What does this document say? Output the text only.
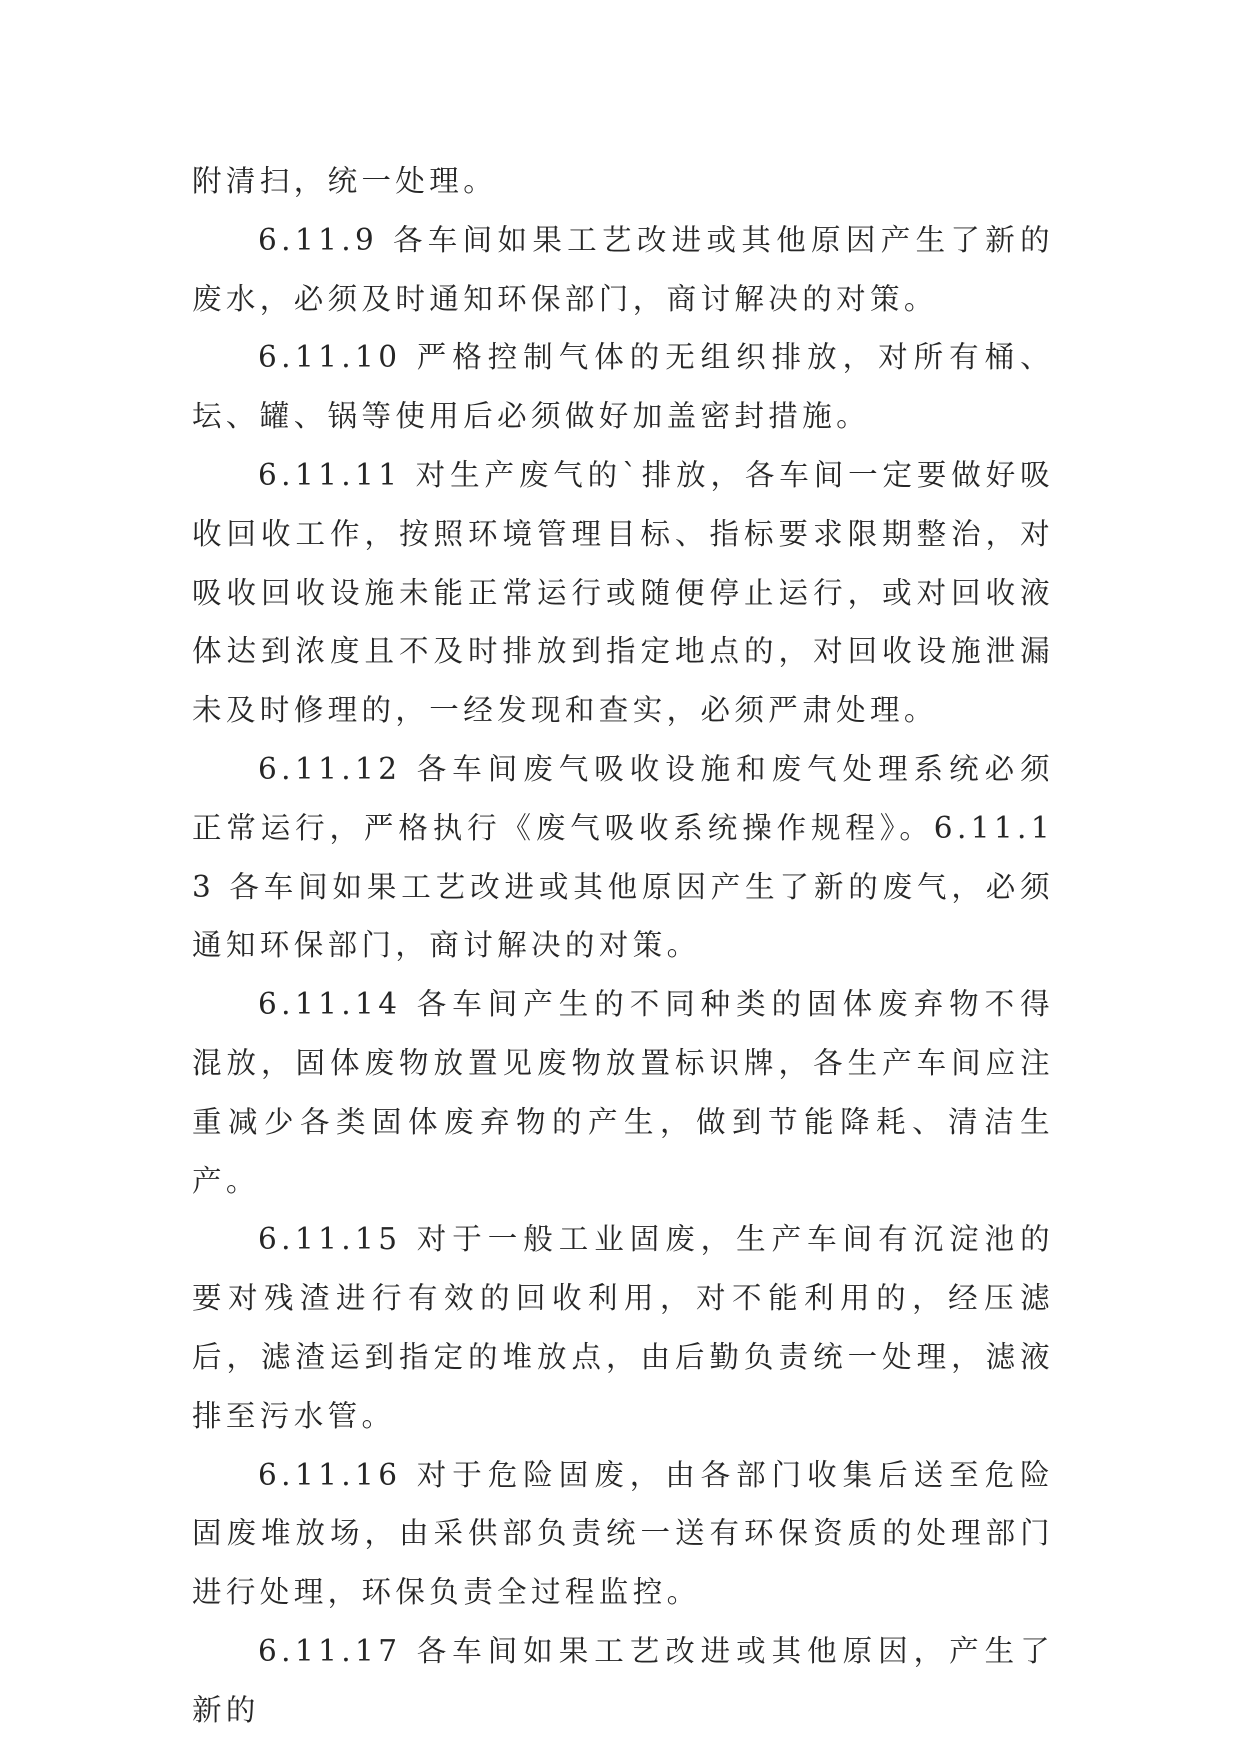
附清扫，统一处理。

6.11.9 各车间如果工艺改进或其他原因产生了新的废水，必须及时通知环保部门，商讨解决的对策。

6.11.10 严格控制气体的无组织排放，对所有桶、坛、罐、锅等使用后必须做好加盖密封措施。

6.11.11 对生产废气的`排放，各车间一定要做好吸收回收工作，按照环境管理目标、指标要求限期整治，对吸收回收设施未能正常运行或随便停止运行，或对回收液体达到浓度且不及时排放到指定地点的，对回收设施泄漏未及时修理的，一经发现和查实，必须严肃处理。

6.11.12 各车间废气吸收设施和废气处理系统必须正常运行，严格执行《废气吸收系统操作规程》。6.11.13 各车间如果工艺改进或其他原因产生了新的废气，必须通知环保部门，商讨解决的对策。

6.11.14 各车间产生的不同种类的固体废弃物不得混放，固体废物放置见废物放置标识牌，各生产车间应注重减少各类固体废弃物的产生，做到节能降耗、清洁生产。

6.11.15 对于一般工业固废，生产车间有沉淀池的要对残渣进行有效的回收利用，对不能利用的，经压滤后，滤渣运到指定的堆放点，由后勤负责统一处理，滤液排至污水管。

6.11.16 对于危险固废，由各部门收集后送至危险固废堆放场，由采供部负责统一送有环保资质的处理部门进行处理，环保负责全过程监控。

6.11.17 各车间如果工艺改进或其他原因，产生了新的
